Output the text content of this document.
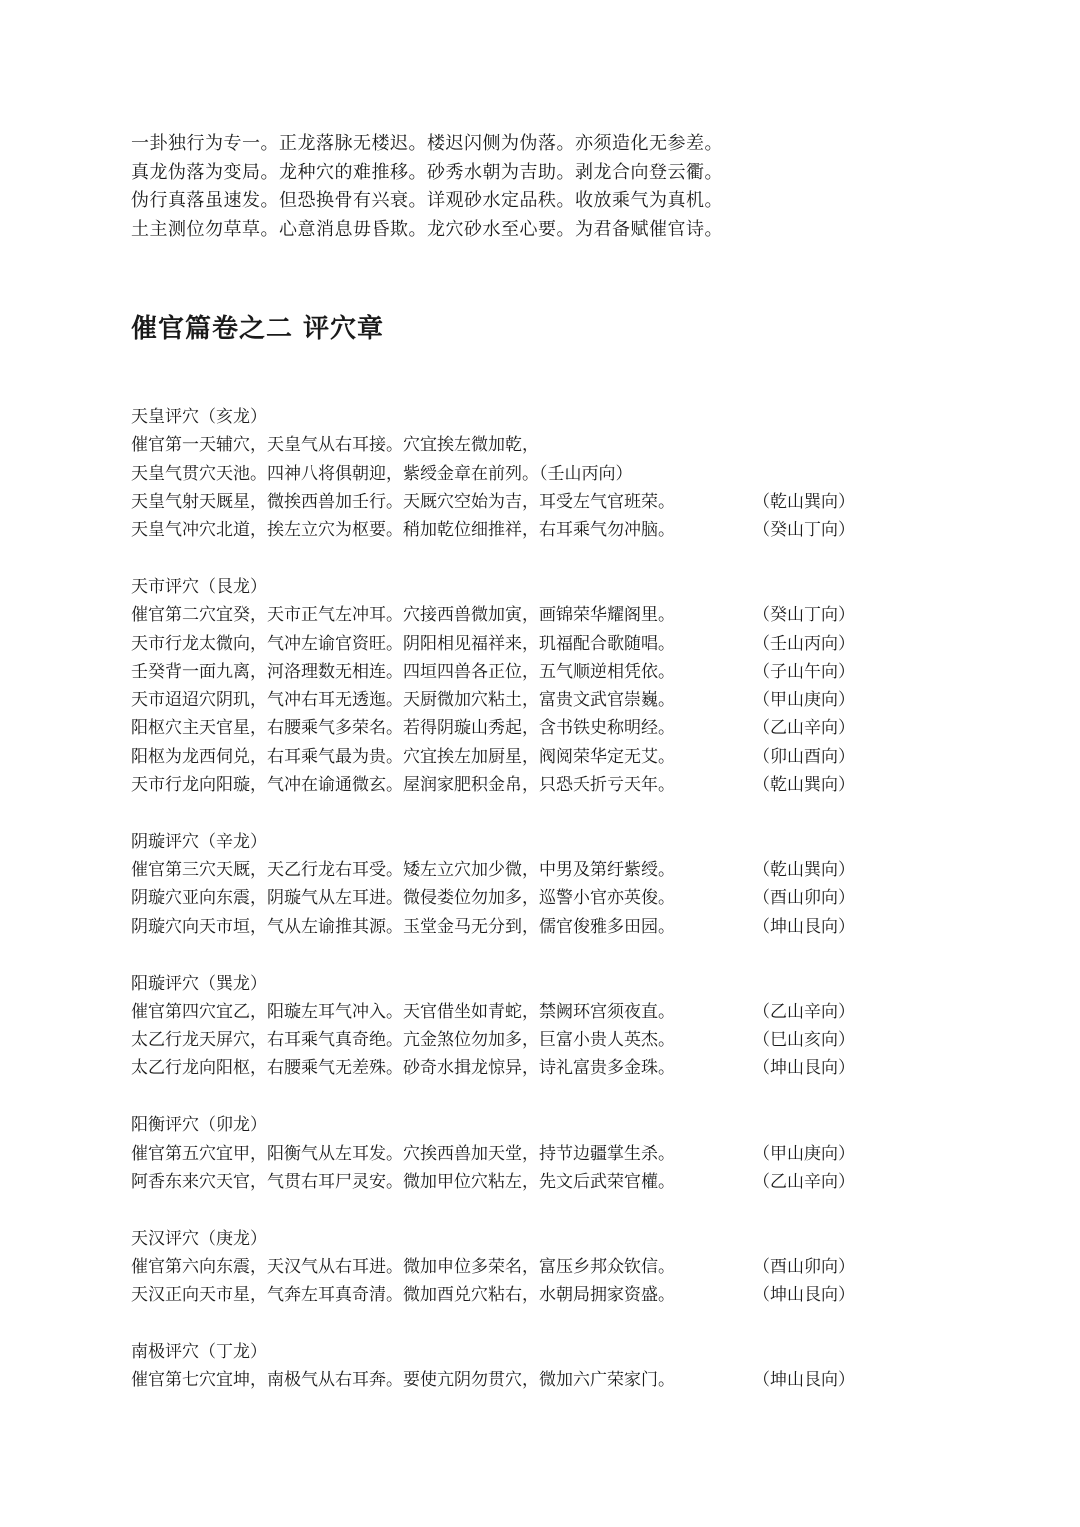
一卦独行为专一。正龙落脉无楼迟。楼迟闪侧为伪落。亦须造化无参差。
真龙伪落为变局。龙种穴的难推移。砂秀水朝为吉助。剥龙合向登云衢。
伪行真落虽速发。但恐换骨有兴衰。详观砂水定品秩。收放乘气为真机。
土主测位勿草草。心意消息毋昏欺。龙穴砂水至心要。为君备赋催官诗。
催官篇卷之二 评穴章
天皇评穴（亥龙）
催官第一天辅穴，天皇气从右耳接。穴宜挨左微加乾，
天皇气贯穴天池。四神八将俱朝迎，紫绶金章在前列。（壬山丙向）
天皇气射天厩星，微挨西兽加壬行。天厩穴空始为吉，耳受左气官班荣。	（乾山巽向）
天皇气冲穴北道，挨左立穴为枢要。稍加乾位细推祥，右耳乘气勿冲脑。	（癸山丁向）
天市评穴（艮龙）
催官第二穴宜癸，天市正气左冲耳。穴接西兽微加寅，画锦荣华耀阁里。	（癸山丁向）
天市行龙太微向，气冲左谕官资旺。阴阳相见福祥来，玑福配合歌随唱。	（壬山丙向）
壬癸背一面九离，河洛理数无相连。四垣四兽各正位，五气顺逆相凭依。	（子山午向）
天市迢迢穴阴玑，气冲右耳无透迤。天厨微加穴粘土，富贵文武官崇巍。	（甲山庚向）
阳枢穴主天官星，右腰乘气多荣名。若得阴璇山秀起，含书铁史称明经。	（乙山辛向）
阳枢为龙西伺兑，右耳乘气最为贵。穴宜挨左加厨星，阀阅荣华定无艾。	（卯山酉向）
天市行龙向阳璇，气冲在谕通微玄。屋润家肥积金帛，只恐夭折亏天年。	（乾山巽向）
阴璇评穴（辛龙）
催官第三穴天厩，天乙行龙右耳受。矮左立穴加少微，中男及第纡紫绶。	（乾山巽向）
阴璇穴亚向东震，阴璇气从左耳进。微侵娄位勿加多，巡警小官亦英俊。	（酉山卯向）
阴璇穴向天市垣，气从左谕推其源。玉堂金马无分到，儒官俊雅多田园。	（坤山艮向）
阳璇评穴（巽龙）
催官第四穴宜乙，阳璇左耳气冲入。天官借坐如青蛇，禁阙环宫须夜直。	（乙山辛向）
太乙行龙天屏穴，右耳乘气真奇绝。亢金煞位勿加多，巨富小贵人英杰。	（巳山亥向）
太乙行龙向阳枢，右腰乘气无差殊。砂奇水揖龙惊异，诗礼富贵多金珠。	（坤山艮向）
阳衡评穴（卯龙）
催官第五穴宜甲，阳衡气从左耳发。穴挨西兽加天堂，持节边疆掌生杀。	（甲山庚向）
阿香东来穴天官，气贯右耳尸灵安。微加甲位穴粘左，先文后武荣官權。	（乙山辛向）
天汉评穴（庚龙）
催官第六向东震，天汉气从右耳进。微加申位多荣名，富压乡邦众钦信。	（酉山卯向）
天汉正向天市星，气奔左耳真奇清。微加酉兑穴粘右，水朝局拥家资盛。	（坤山艮向）
南极评穴（丁龙）
催官第七穴宜坤，南极气从右耳奔。要使亢阴勿贯穴，微加六广荣家门。	（坤山艮向）
